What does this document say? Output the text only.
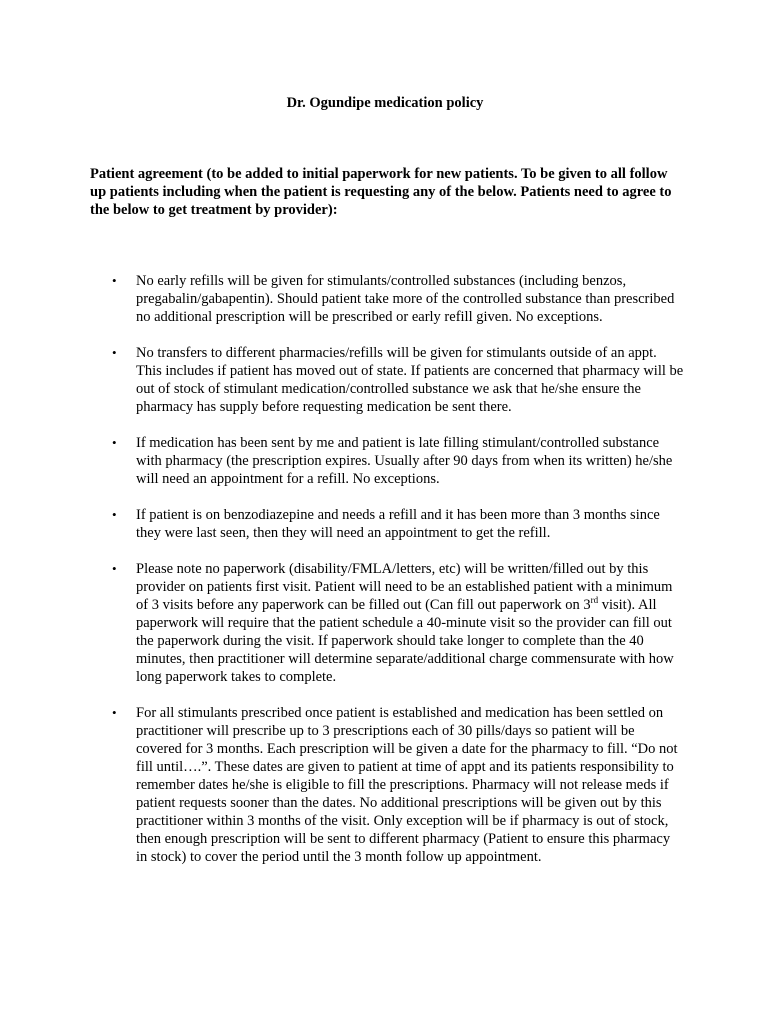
Dr. Ogundipe medication policy
Patient agreement (to be added to initial paperwork for new patients. To be given to all follow up patients including when the patient is requesting any of the below. Patients need to agree to the below to get treatment by provider):
• No early refills will be given for stimulants/controlled substances (including benzos, pregabalin/gabapentin). Should patient take more of the controlled substance than prescribed no additional prescription will be prescribed or early refill given. No exceptions.
• No transfers to different pharmacies/refills will be given for stimulants outside of an appt. This includes if patient has moved out of state. If patients are concerned that pharmacy will be out of stock of stimulant medication/controlled substance we ask that he/she ensure the pharmacy has supply before requesting medication be sent there.
• If medication has been sent by me and patient is late filling stimulant/controlled substance with pharmacy (the prescription expires. Usually after 90 days from when its written) he/she will need an appointment for a refill. No exceptions.
• If patient is on benzodiazepine and needs a refill and it has been more than 3 months since they were last seen, then they will need an appointment to get the refill.
• Please note no paperwork (disability/FMLA/letters, etc) will be written/filled out by this provider on patients first visit. Patient will need to be an established patient with a minimum of 3 visits before any paperwork can be filled out (Can fill out paperwork on 3rd visit). All paperwork will require that the patient schedule a 40-minute visit so the provider can fill out the paperwork during the visit. If paperwork should take longer to complete than the 40 minutes, then practitioner will determine separate/additional charge commensurate with how long paperwork takes to complete.
• For all stimulants prescribed once patient is established and medication has been settled on practitioner will prescribe up to 3 prescriptions each of 30 pills/days so patient will be covered for 3 months. Each prescription will be given a date for the pharmacy to fill. “Do not fill until….”. These dates are given to patient at time of appt and its patients responsibility to remember dates he/she is eligible to fill the prescriptions. Pharmacy will not release meds if patient requests sooner than the dates. No additional prescriptions will be given out by this practitioner within 3 months of the visit. Only exception will be if pharmacy is out of stock, then enough prescription will be sent to different pharmacy (Patient to ensure this pharmacy in stock) to cover the period until the 3 month follow up appointment.
